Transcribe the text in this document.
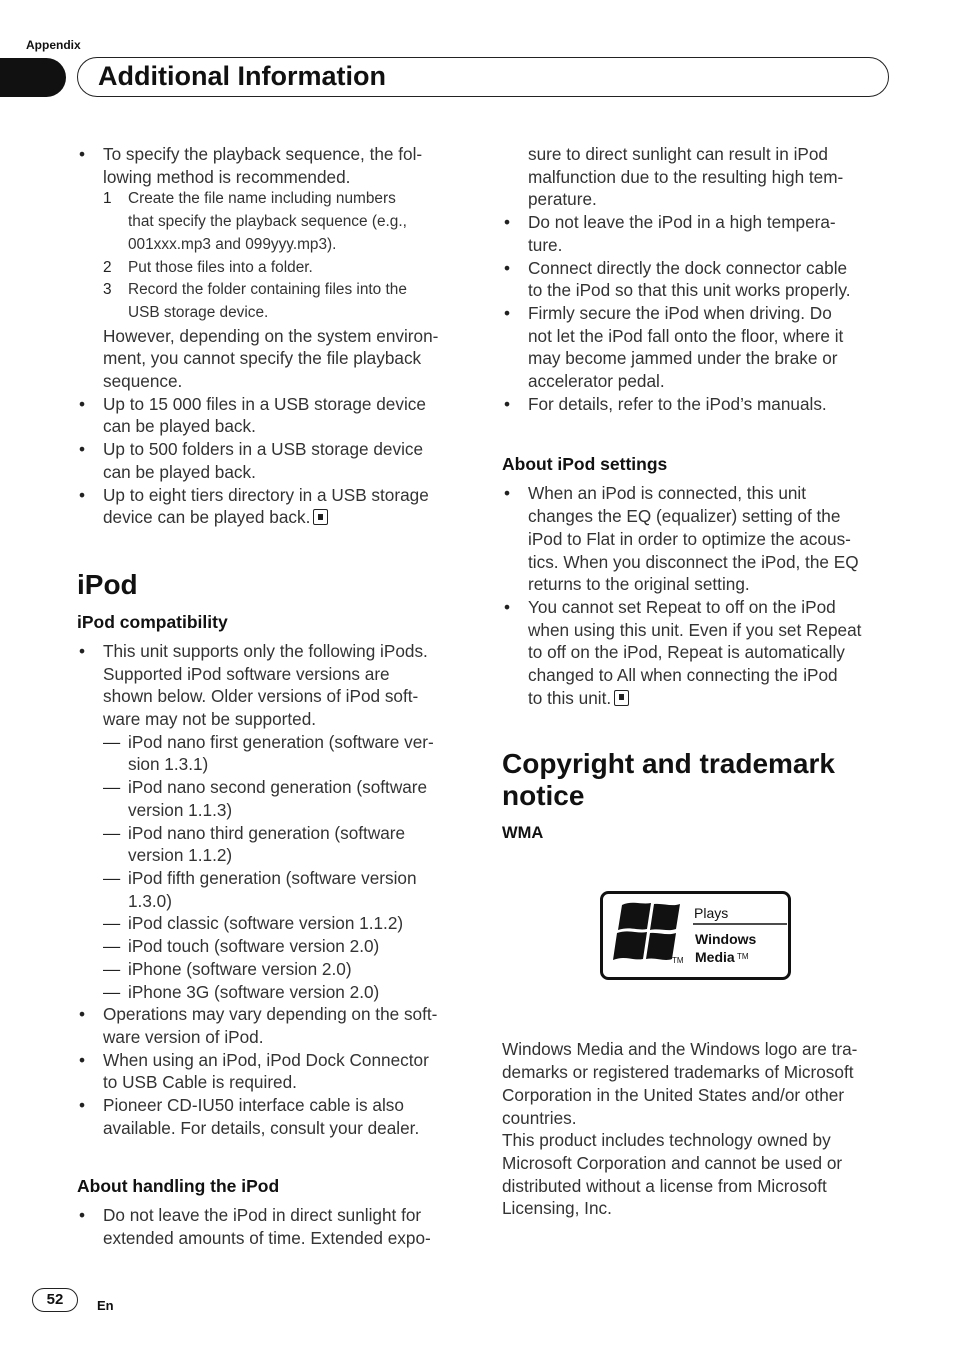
Appendix
Additional Information
• To specify the playback sequence, the fol-
lowing method is recommended.
1 Create the file name including numbers
that specify the playback sequence (e.g.,
001xxx.mp3 and 099yyy.mp3).
2 Put those files into a folder.
3 Record the folder containing files into the
USB storage device.
However, depending on the system environ-
ment, you cannot specify the file playback
sequence.
• Up to 15 000 files in a USB storage device
can be played back.
• Up to 500 folders in a USB storage device
can be played back.
• Up to eight tiers directory in a USB storage
device can be played back.
iPod
iPod compatibility
• This unit supports only the following iPods.
Supported iPod software versions are
shown below. Older versions of iPod soft-
ware may not be supported.
— iPod nano first generation (software ver-
sion 1.3.1)
— iPod nano second generation (software
version 1.1.3)
— iPod nano third generation (software
version 1.1.2)
— iPod fifth generation (software version
1.3.0)
— iPod classic (software version 1.1.2)
— iPod touch (software version 2.0)
— iPhone (software version 2.0)
— iPhone 3G (software version 2.0)
• Operations may vary depending on the soft-
ware version of iPod.
• When using an iPod, iPod Dock Connector
to USB Cable is required.
• Pioneer CD-IU50 interface cable is also
available. For details, consult your dealer.
About handling the iPod
• Do not leave the iPod in direct sunlight for
extended amounts of time. Extended expo-
sure to direct sunlight can result in iPod
malfunction due to the resulting high tem-
perature.
• Do not leave the iPod in a high tempera-
ture.
• Connect directly the dock connector cable
to the iPod so that this unit works properly.
• Firmly secure the iPod when driving. Do
not let the iPod fall onto the floor, where it
may become jammed under the brake or
accelerator pedal.
• For details, refer to the iPod’s manuals.
About iPod settings
• When an iPod is connected, this unit
changes the EQ (equalizer) setting of the
iPod to Flat in order to optimize the acous-
tics. When you disconnect the iPod, the EQ
returns to the original setting.
• You cannot set Repeat to off on the iPod
when using this unit. Even if you set Repeat
to off on the iPod, Repeat is automatically
changed to All when connecting the iPod
to this unit.
Copyright and trademark
notice
WMA
Windows Media and the Windows logo are tra-
demarks or registered trademarks of Microsoft
Corporation in the United States and/or other
countries.
This product includes technology owned by
Microsoft Corporation and cannot be used or
distributed without a license from Microsoft
Licensing, Inc.
Plays
Windows
Media TM
TM
52	En
